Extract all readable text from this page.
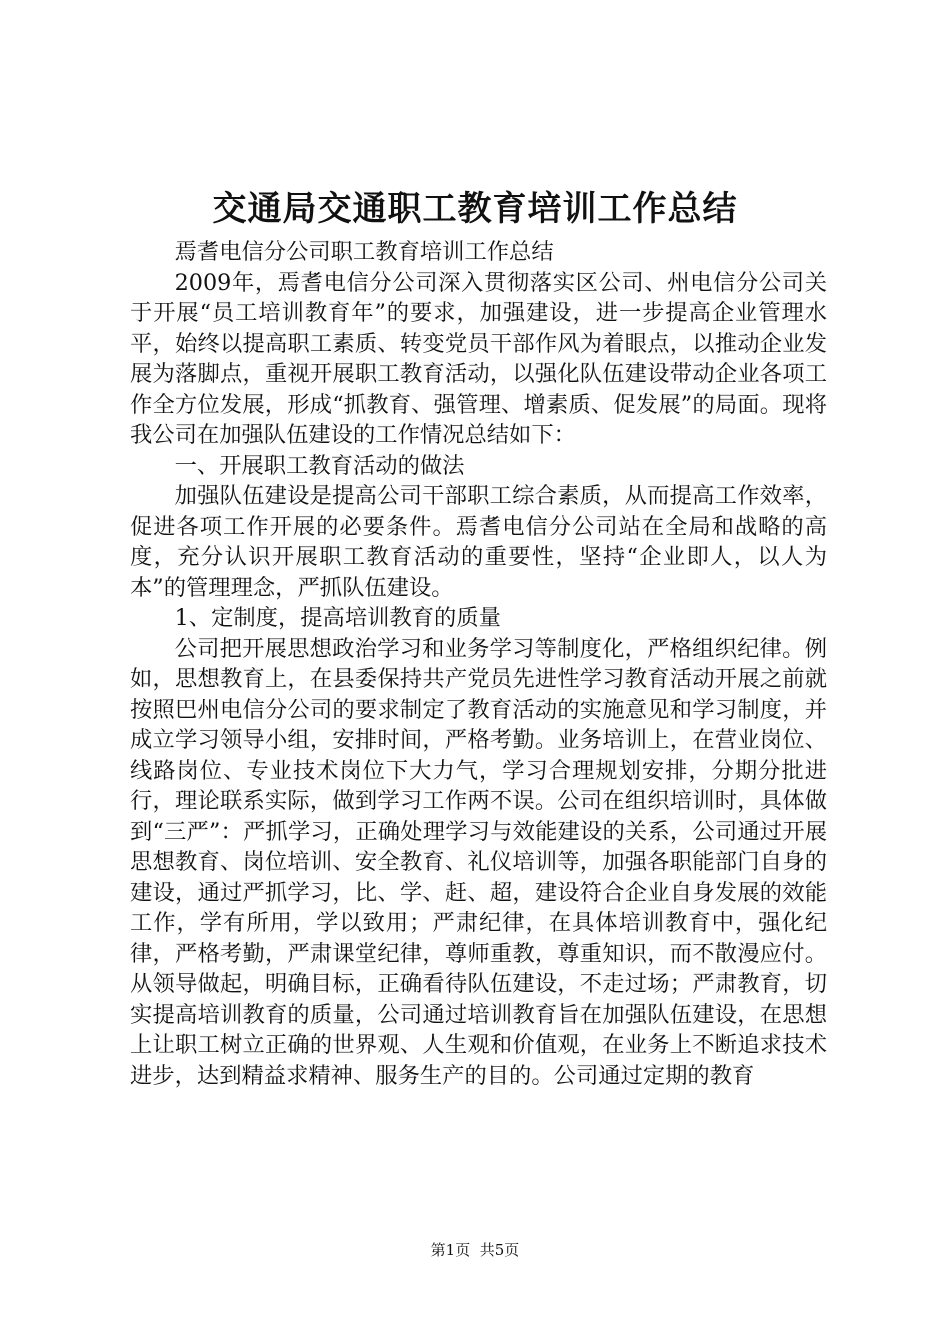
交通局交通职工教育培训工作总结

焉耆电信分公司职工教育培训工作总结

2009年，焉耆电信分公司深入贯彻落实区公司、州电信分公司关于开展“员工培训教育年”的要求，加强建设，进一步提高企业管理水平，始终以提高职工素质、转变党员干部作风为着眼点，以推动企业发展为落脚点，重视开展职工教育活动，以强化队伍建设带动企业各项工作全方位发展，形成“抓教育、强管理、增素质、促发展”的局面。现将我公司在加强队伍建设的工作情况总结如下：

一、开展职工教育活动的做法

加强队伍建设是提高公司干部职工综合素质，从而提高工作效率，促进各项工作开展的必要条件。焉耆电信分公司站在全局和战略的高度，充分认识开展职工教育活动的重要性，坚持“企业即人，以人为本”的管理理念，严抓队伍建设。

1、定制度，提高培训教育的质量

公司把开展思想政治学习和业务学习等制度化，严格组织纪律。例如，思想教育上，在县委保持共产党员先进性学习教育活动开展之前就按照巴州电信分公司的要求制定了教育活动的实施意见和学习制度，并成立学习领导小组，安排时间，严格考勤。业务培训上，在营业岗位、线路岗位、专业技术岗位下大力气，学习合理规划安排，分期分批进行，理论联系实际，做到学习工作两不误。公司在组织培训时，具体做到“三严”：严抓学习，正确处理学习与效能建设的关系，公司通过开展思想教育、岗位培训、安全教育、礼仪培训等，加强各职能部门自身的建设，通过严抓学习，比、学、赶、超，建设符合企业自身发展的效能工作，学有所用，学以致用；严肃纪律，在具体培训教育中，强化纪律，严格考勤，严肃课堂纪律，尊师重教，尊重知识，而不散漫应付。从领导做起，明确目标，正确看待队伍建设，不走过场；严肃教育，切实提高培训教育的质量，公司通过培训教育旨在加强队伍建设，在思想上让职工树立正确的世界观、人生观和价值观，在业务上不断追求技术进步，达到精益求精神、服务生产的目的。公司通过定期的教育

第1页 共5页
